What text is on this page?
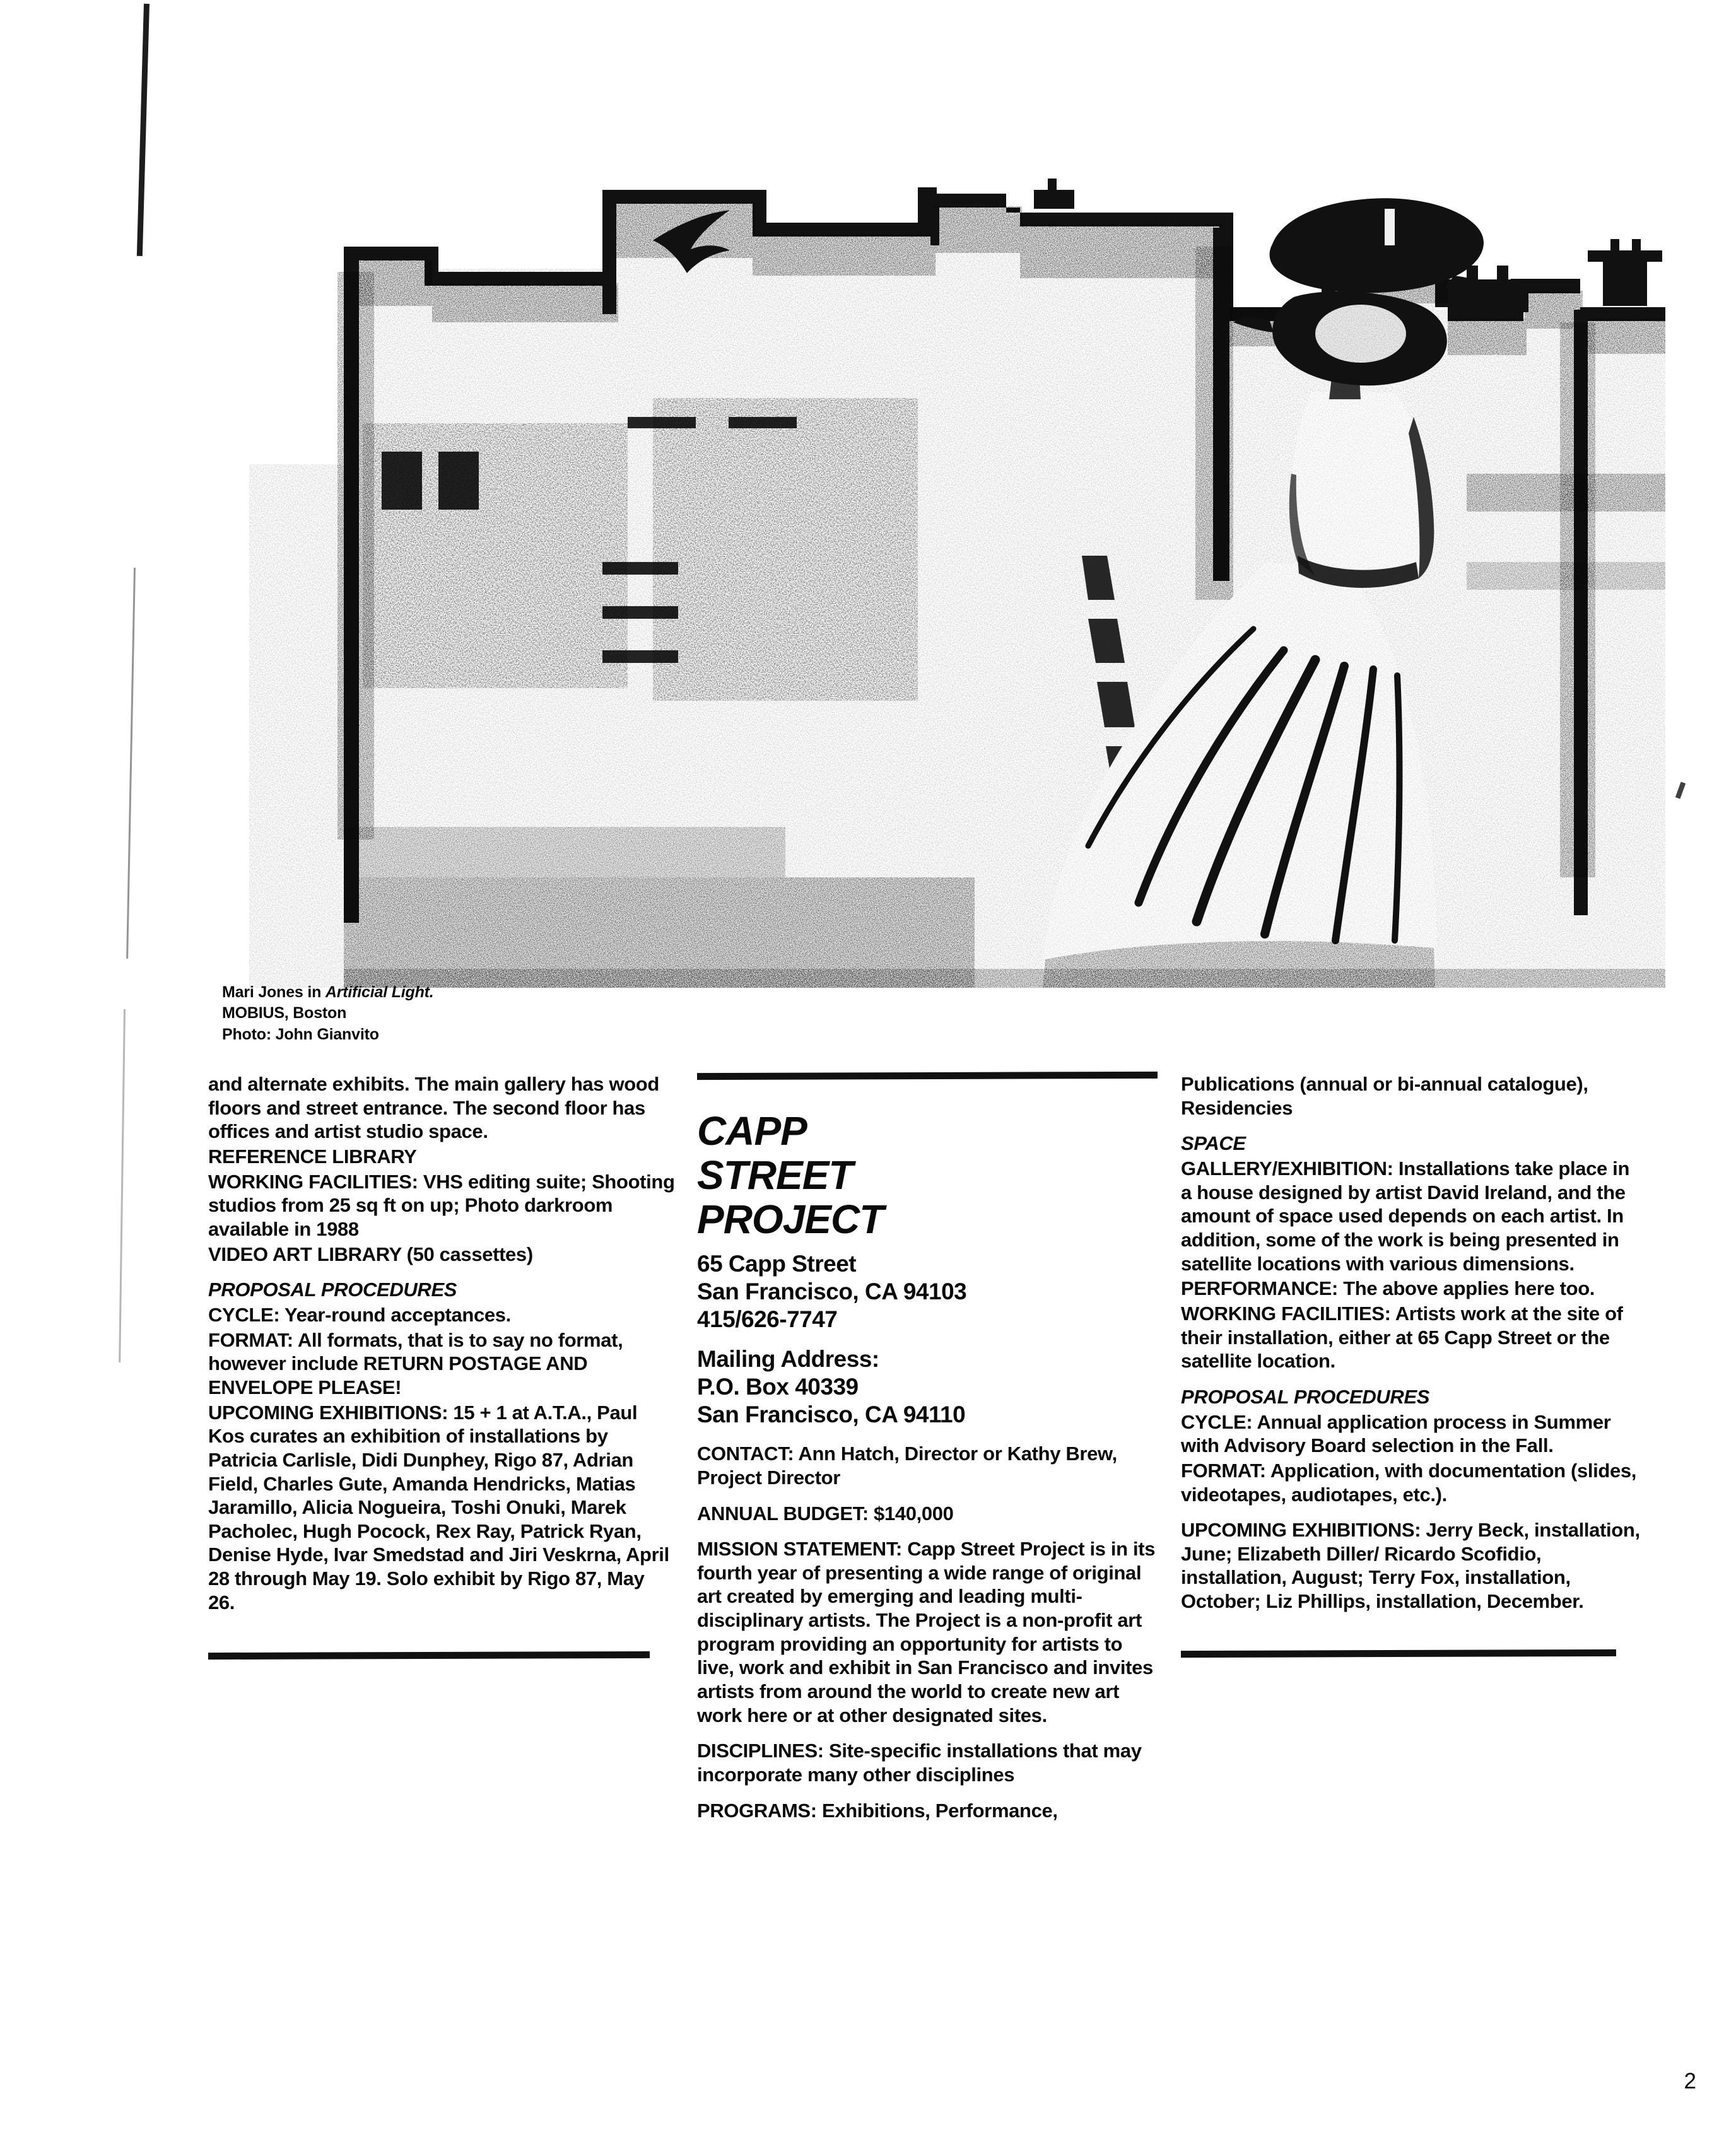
Mari Jones in Artificial Light.
MOBIUS, Boston
Photo: John Gianvito

and alternate exhibits. The main gallery has wood floors and street entrance. The second floor has offices and artist studio space.

REFERENCE LIBRARY

WORKING FACILITIES: VHS editing suite; Shooting studios from 25 sq ft on up; Photo darkroom available in 1988

VIDEO ART LIBRARY (50 cassettes)

PROPOSAL PROCEDURES

CYCLE: Year-round acceptances.

FORMAT: All formats, that is to say no format, however include RETURN POSTAGE AND ENVELOPE PLEASE!

UPCOMING EXHIBITIONS: 15 + 1 at A.T.A., Paul Kos curates an exhibition of installations by Patricia Carlisle, Didi Dunphey, Rigo 87, Adrian Field, Charles Gute, Amanda Hendricks, Matias Jaramillo, Alicia Nogueira, Toshi Onuki, Marek Pacholec, Hugh Pocock, Rex Ray, Patrick Ryan, Denise Hyde, Ivar Smedstad and Jiri Veskrna, April 28 through May 19. Solo exhibit by Rigo 87, May 26.

CAPP
STREET
PROJECT

65 Capp Street

San Francisco, CA 94103

415/626-7747

Mailing Address:

P.O. Box 40339

San Francisco, CA 94110

CONTACT: Ann Hatch, Director or Kathy Brew, Project Director

ANNUAL BUDGET: $140,000

MISSION STATEMENT: Capp Street Project is in its fourth year of presenting a wide range of original art created by emerging and leading multi-disciplinary artists. The Project is a non-profit art program providing an opportunity for artists to live, work and exhibit in San Francisco and invites artists from around the world to create new art work here or at other designated sites.

DISCIPLINES: Site-specific installations that may incorporate many other disciplines

PROGRAMS: Exhibitions, Performance,

Publications (annual or bi-annual catalogue), Residencies

SPACE

GALLERY/EXHIBITION: Installations take place in a house designed by artist David Ireland, and the amount of space used depends on each artist. In addition, some of the work is being presented in satellite locations with various dimensions.

PERFORMANCE: The above applies here too.

WORKING FACILITIES: Artists work at the site of their installation, either at 65 Capp Street or the satellite location.

PROPOSAL PROCEDURES

CYCLE: Annual application process in Summer with Advisory Board selection in the Fall.

FORMAT: Application, with documentation (slides, videotapes, audiotapes, etc.).

UPCOMING EXHIBITIONS: Jerry Beck, installation, June; Elizabeth Diller/ Ricardo Scofidio, installation, August; Terry Fox, installation, October; Liz Phillips, installation, December.

2
